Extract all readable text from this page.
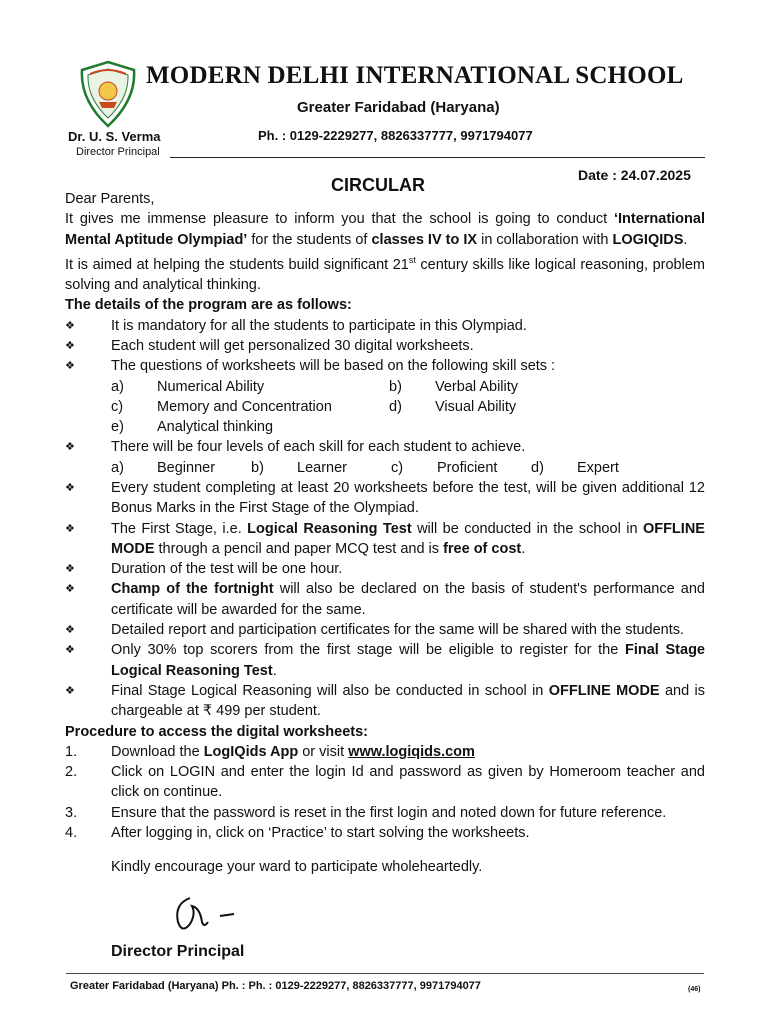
MODERN DELHI INTERNATIONAL SCHOOL
Greater Faridabad (Haryana)
Dr. U. S. Verma
Director Principal
Ph. : 0129-2229277, 8826337777, 9971794077
CIRCULAR	Date : 24.07.2025

Dear Parents,

It gives me immense pleasure to inform you that the school is going to conduct ‘International Mental Aptitude Olympiad’ for the students of classes IV to IX in collaboration with LOGIQIDS.

It is aimed at helping the students build significant 21st century skills like logical reasoning, problem solving and analytical thinking.

The details of the program are as follows:

❖	It is mandatory for all the students to participate in this Olympiad.
❖	Each student will get personalized 30 digital worksheets.
❖	The questions of worksheets will be based on the following skill sets :
a)	Numerical Ability	b)	Verbal Ability
c)	Memory and Concentration	d)	Visual Ability
e)	Analytical thinking
❖	There will be four levels of each skill for each student to achieve.
a)	Beginner	b)	Learner	c)	Proficient	d)	Expert
❖	Every student completing at least 20 worksheets before the test, will be given additional 12 Bonus Marks in the First Stage of the Olympiad.
❖	The First Stage, i.e. Logical Reasoning Test will be conducted in the school in OFFLINE MODE through a pencil and paper MCQ test and is free of cost.
❖	Duration of the test will be one hour.
❖	Champ of the fortnight will also be declared on the basis of student's performance and certificate will be awarded for the same.
❖	Detailed report and participation certificates for the same will be shared with the students.
❖	Only 30% top scorers from the first stage will be eligible to register for the Final Stage Logical Reasoning Test.
❖	Final Stage Logical Reasoning will also be conducted in school in OFFLINE MODE and is chargeable at ₹ 499 per student.

Procedure to access the digital worksheets:

1.	Download the LogIQids App or visit www.logiqids.com
2.	Click on LOGIN and enter the login Id and password as given by Homeroom teacher and click on continue.
3.	Ensure that the password is reset in the first login and noted down for future reference.
4.	After logging in, click on ‘Practice’ to start solving the worksheets.

Kindly encourage your ward to participate wholeheartedly.

Director Principal
Greater Faridabad (Haryana) Ph. : Ph. : 0129-2229277, 8826337777, 9971794077	(46)
